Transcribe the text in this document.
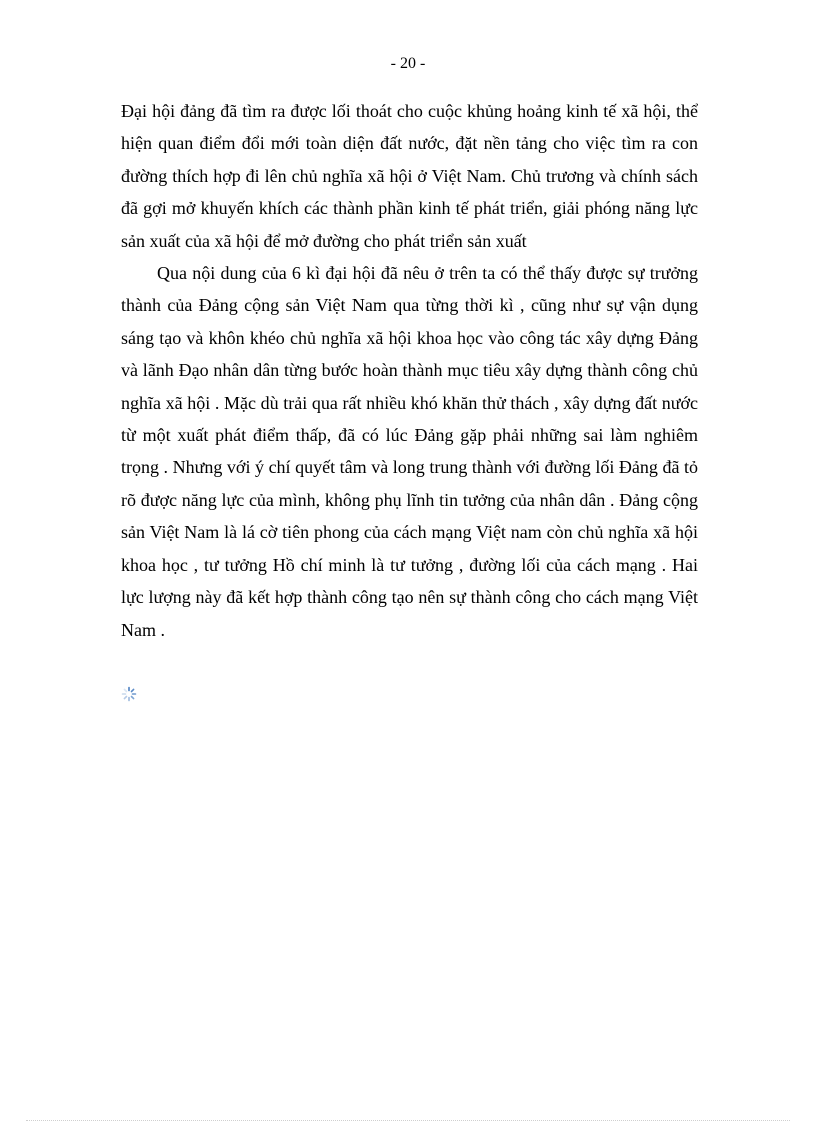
- 20 -

Đại hội đảng đã tìm ra được lối thoát cho cuộc khủng hoảng kinh tế xã hội, thể hiện quan điểm đổi mới toàn diện đất nước, đặt nền tảng cho việc tìm ra con đường thích hợp đi lên chủ nghĩa xã hội ở Việt Nam. Chủ trương và chính sách đã gợi mở khuyến khích các thành phần kinh tế phát triển, giải phóng năng lực sản xuất của xã hội để mở đường cho phát triển sản xuất

Qua nội dung của 6 kì đại hội đã nêu ở trên ta có thể thấy được sự trưởng thành của Đảng cộng sản Việt Nam qua từng thời kì , cũng như sự vận dụng sáng tạo và khôn khéo chủ nghĩa xã hội khoa học vào công tác xây dựng Đảng và lãnh Đạo nhân dân từng bước hoàn thành mục tiêu xây dựng thành công chủ nghĩa xã hội . Mặc dù trải qua rất nhiều khó khăn thử thách , xây dựng đất nước từ một xuất phát điểm thấp, đã có lúc Đảng gặp phải những sai làm nghiêm trọng . Nhưng với ý chí quyết tâm và long trung thành với đường lối Đảng đã tỏ rõ được năng lực của mình, không phụ lĩnh tin tưởng của nhân dân . Đảng cộng sản Việt Nam là lá cờ tiên phong của cách mạng Việt nam còn chủ nghĩa xã hội khoa học , tư tưởng Hồ chí minh là tư tưởng , đường lối của cách mạng . Hai lực lượng này đã kết hợp thành công tạo nên sự thành công cho cách mạng Việt Nam .
